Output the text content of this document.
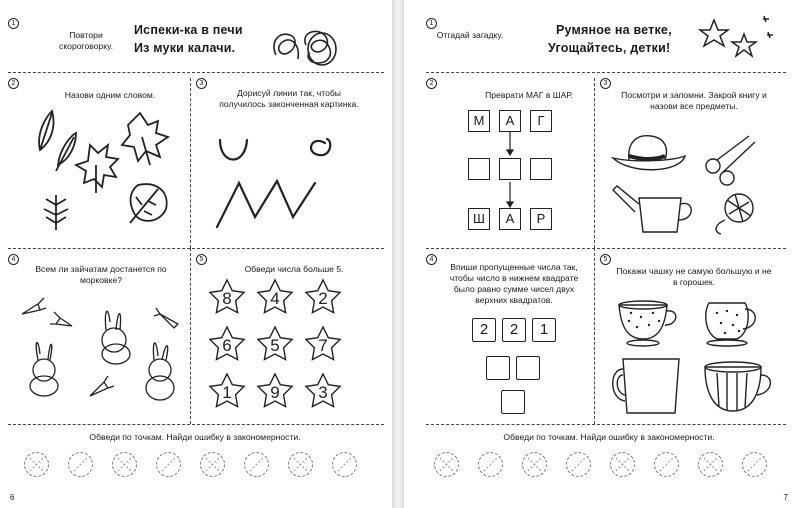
1
Повтори скороговорку.
Испеки-ка в печи
Из муки калачи.
2
Назови одним словом.
3
Дорисуй линии так, чтобы получилось законченная картинка.
4
Всем ли зайчатам достанется по морковке?
5
Обведи числа больше 5.
8 4 2
6 5 7
1 9 3
Обведи по точкам. Найди ошибку в закономерности.
6
1
Отгадай загадку.	Румяное на ветке,
Угощайтесь, детки!
2
Преврати МАГ в ШАР.
М	А	Г
Ш	А	Р
3
Посмотри и запомни. Закрой книгу и назови все предметы.
4
Впиши пропущенные числа так, чтобы число в нижнем квадрате было равно сумме чисел двух верхних квадратов.
2	2	1
5
Покажи чашку не самую большую и не в горошек.
Обведи по точкам. Найди ошибку в закономерности.
7
